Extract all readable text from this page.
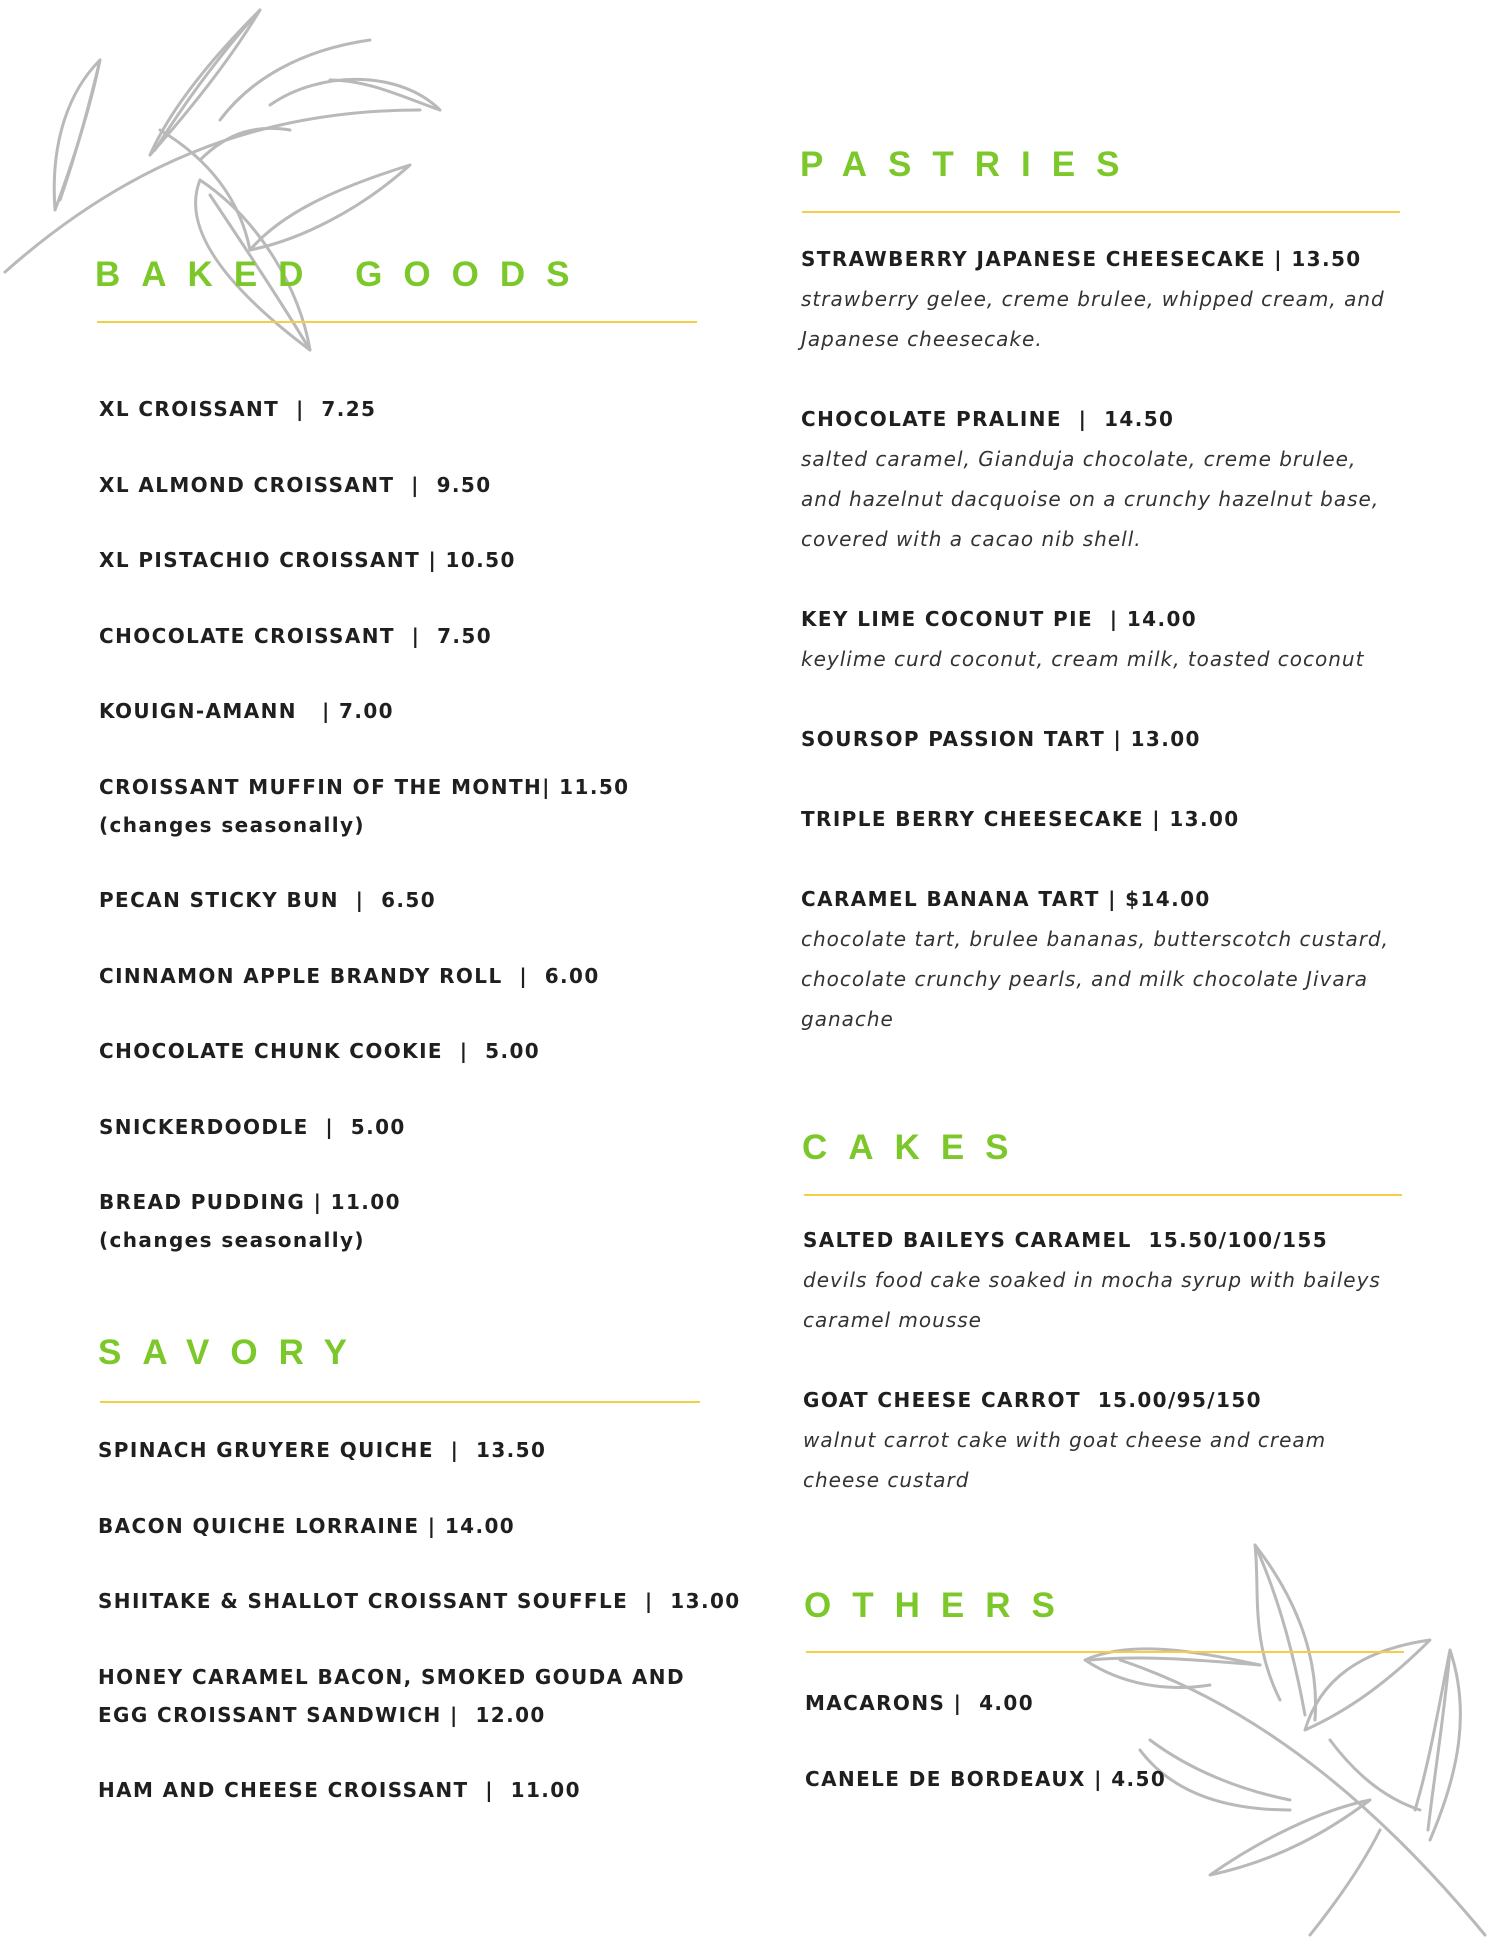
BAKED GOODS

XL CROISSANT  |  7.25

XL ALMOND CROISSANT  |  9.50

XL PISTACHIO CROISSANT | 10.50

CHOCOLATE CROISSANT  |  7.50

KOUIGN-AMANN   | 7.00

CROISSANT MUFFIN OF THE MONTH| 11.50

(changes seasonally)

PECAN STICKY BUN  |  6.50

CINNAMON APPLE BRANDY ROLL  |  6.00

CHOCOLATE CHUNK COOKIE  |  5.00

SNICKERDOODLE  |  5.00

BREAD PUDDING | 11.00

(changes seasonally)

SAVORY

SPINACH GRUYERE QUICHE  |  13.50

BACON QUICHE LORRAINE | 14.00

SHIITAKE & SHALLOT CROISSANT SOUFFLE  |  13.00

HONEY CARAMEL BACON, SMOKED GOUDA AND

EGG CROISSANT SANDWICH |  12.00

HAM AND CHEESE CROISSANT  |  11.00

PASTRIES

STRAWBERRY JAPANESE CHEESECAKE | 13.50

strawberry gelee, creme brulee, whipped cream, and Japanese cheesecake.

CHOCOLATE PRALINE  |  14.50

salted caramel, Gianduja chocolate, creme brulee, and hazelnut dacquoise on a crunchy hazelnut base, covered with a cacao nib shell.

KEY LIME COCONUT PIE  | 14.00

keylime curd coconut, cream milk, toasted coconut

SOURSOP PASSION TART | 13.00

TRIPLE BERRY CHEESECAKE | 13.00

CARAMEL BANANA TART | $14.00

chocolate tart, brulee bananas, butterscotch custard, chocolate crunchy pearls, and milk chocolate Jivara ganache

CAKES

SALTED BAILEYS CARAMEL  15.50/100/155

devils food cake soaked in mocha syrup with baileys caramel mousse

GOAT CHEESE CARROT  15.00/95/150

walnut carrot cake with goat cheese and cream cheese custard

OTHERS

MACARONS |  4.00

CANELE DE BORDEAUX | 4.50
